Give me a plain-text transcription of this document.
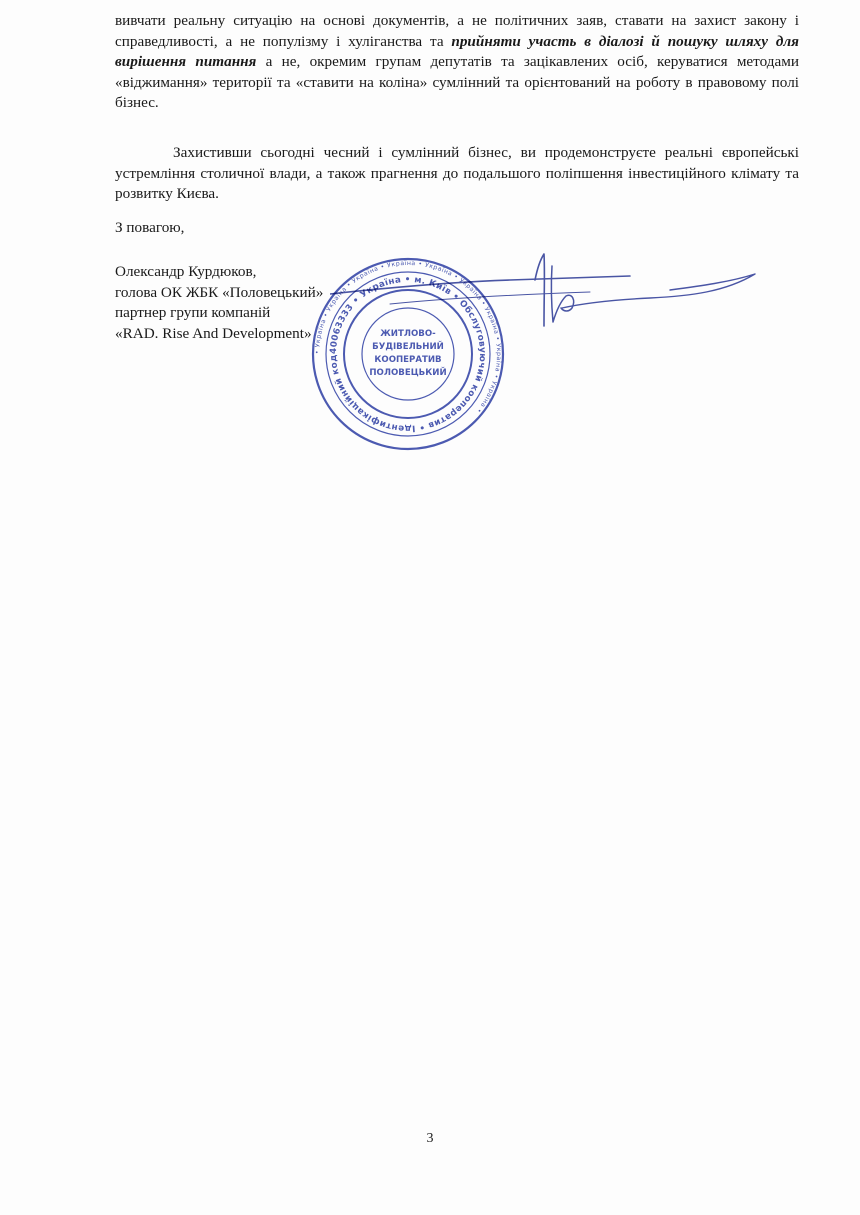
вивчати реальну ситуацію на основі документів, а не політичних заяв, ставати на захист закону і справедливості, а не популізму і хуліганства та прийняти участь в діалозі й пошуку шляху для вирішення питання а не, окремим групам депутатів та зацікавлених осіб, керуватися методами «віджимання» території та «ставити на коліна» сумлінний та орієнтований на роботу в правовому полі бізнес.

Захистивши сьогодні чесний і сумлінний бізнес, ви продемонструєте реальні європейські устремління столичної влади, а також прагнення до подальшого поліпшення інвестиційного клімату та розвитку Києва.

З повагою,

Олександр Курдюков,
голова ОК ЖБК «Половецький»
партнер групи компаній
«RAD. Rise And Development»
• Україна • Україна • Україна • Україна • Україна • Україна • Україна • Україна • Україна •
40063333 • Україна • м. Київ • Обслуговуючий кооператив • Ідентифікаційний код
ЖИТЛОВО-
БУДІВЕЛЬНИЙ
КООПЕРАТИВ
ПОЛОВЕЦЬКИЙ

3
